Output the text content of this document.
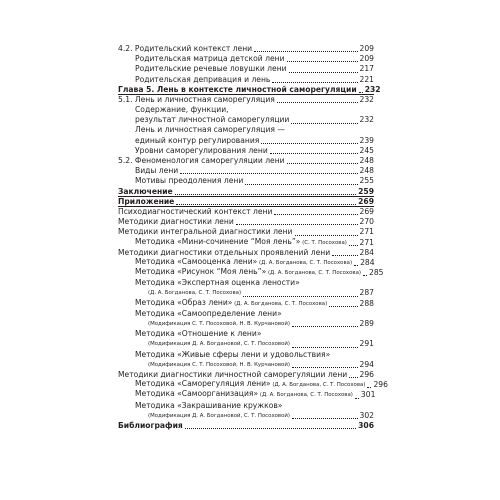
4.2. Родительский контекст лени	209
Родительская матрица детской лени	209
Родительские речевые ловушки лени	217
Родительская депривация и лень	221
Глава 5. Лень в контексте личностной саморегуляции 232
5.1. Лень и личностная саморегуляция	232
Содержание, функции,
результат личностной саморегуляции	232
Лень и личностная саморегуляция —
единый контур регулирования	239
Уровни саморегулирования лени	245
5.2. Феноменология саморегуляции лени	248
Виды лени	248
Мотивы преодоления лени	255
Заключение	259
Приложение	269
Психодиагностический контекст лени	269
Методики диагностики лени	270
Методики интегральной диагностики лени	271
Методика «Мини-сочинение “Моя лень”» (С. Т. Посохова) 271
Методики диагностики отдельных проявлений лени	284
Методика «Самооценка лени» (Д. А. Богданова, С. Т. Посохова) 284
Методика «Рисунок “Моя лень”» (Д. А. Богданова, С. Т. Посохова) 285
Методика «Экспертная оценка лености»
(Д. А. Богданова, С. Т. Посохова)	287
Методика «Образ лени» (Д. А. Богданова, С. Т. Посохова)	288
Методика «Самоопределение лени»
(Модификация С. Т. Посоховой, Н. В. Курчановой)	289
Методика «Отношение к лени»
(Модификация Д. А. Богдановой, С. Т. Посоховой)	291
Методика «Живые сферы лени и удовольствия»
(Модификация С. Т. Посоховой, Н. В. Курчановой)	294
Методики диагностики личностной саморегуляции лени 296
Методика «Саморегуляция лени» (Д. А. Богданова, С. Т. Посохова) 296
Методика «Самоорганизация» (Д. А. Богданова, С. Т. Посохова) 301
Методика «Закрашивание кружков»
(Модификация Д. А. Богдановой, С. Т. Посоховой)	302
Библиография	306
